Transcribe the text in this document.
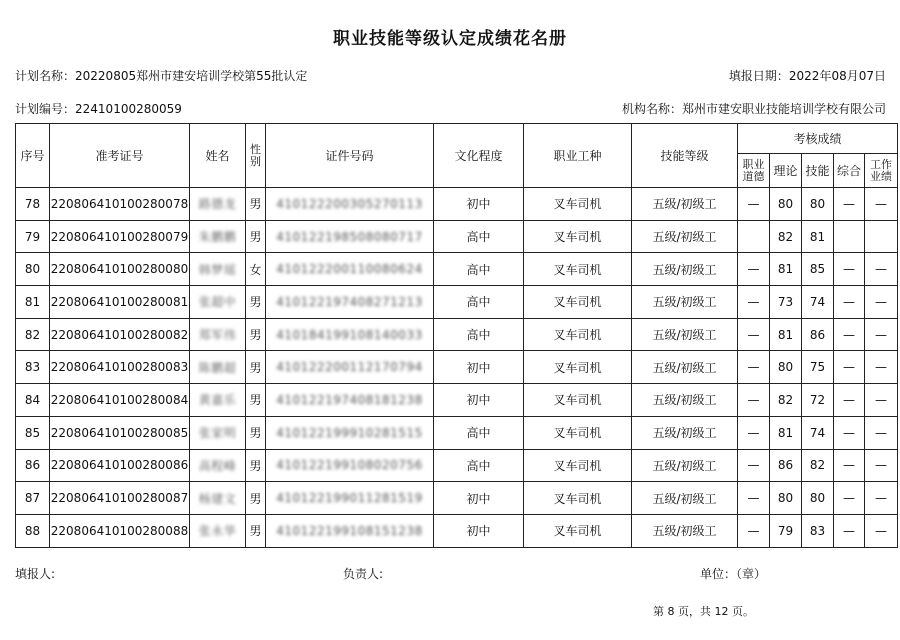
职业技能等级认定成绩花名册
计划名称：20220805郑州市建安培训学校第55批认定	填报日期：2022年08月07日
计划编号：22410100280059	机构名称：郑州市建安职业技能培训学校有限公司
序号	准考证号	姓名	性别	证件号码	文化程度	职业工种	技能等级	考核成绩				
								职业道德	理论	技能	综合	工作业绩
78	220806410100280078	路德龙	男	410122200305270113	初中	叉车司机	五级/初级工	—	80	80	—	—
79	220806410100280079	朱鹏鹏	男	410122198508080717	高中	叉车司机	五级/初级工		82	81		
80	220806410100280080	韩梦瑶	女	410122200110080624	高中	叉车司机	五级/初级工	—	81	85	—	—
81	220806410100280081	张超中	男	410122197408271213	高中	叉车司机	五级/初级工	—	73	74	—	—
82	220806410100280082	郑军伟	男	410184199108140033	高中	叉车司机	五级/初级工	—	81	86	—	—
83	220806410100280083	陈鹏超	男	410122200112170794	初中	叉车司机	五级/初级工	—	80	75	—	—
84	220806410100280084	黄嘉乐	男	410122197408181238	初中	叉车司机	五级/初级工	—	82	72	—	—
85	220806410100280085	张家明	男	410122199910281515	高中	叉车司机	五级/初级工	—	81	74	—	—
86	220806410100280086	高程峰	男	410122199108020756	高中	叉车司机	五级/初级工	—	86	82	—	—
87	220806410100280087	杨建文	男	410122199011281519	初中	叉车司机	五级/初级工	—	80	80	—	—
88	220806410100280088	张永华	男	410122199108151238	初中	叉车司机	五级/初级工	—	79	83	—	—
填报人:	负责人:	单位：（章）
第 8 页，共 12 页。
